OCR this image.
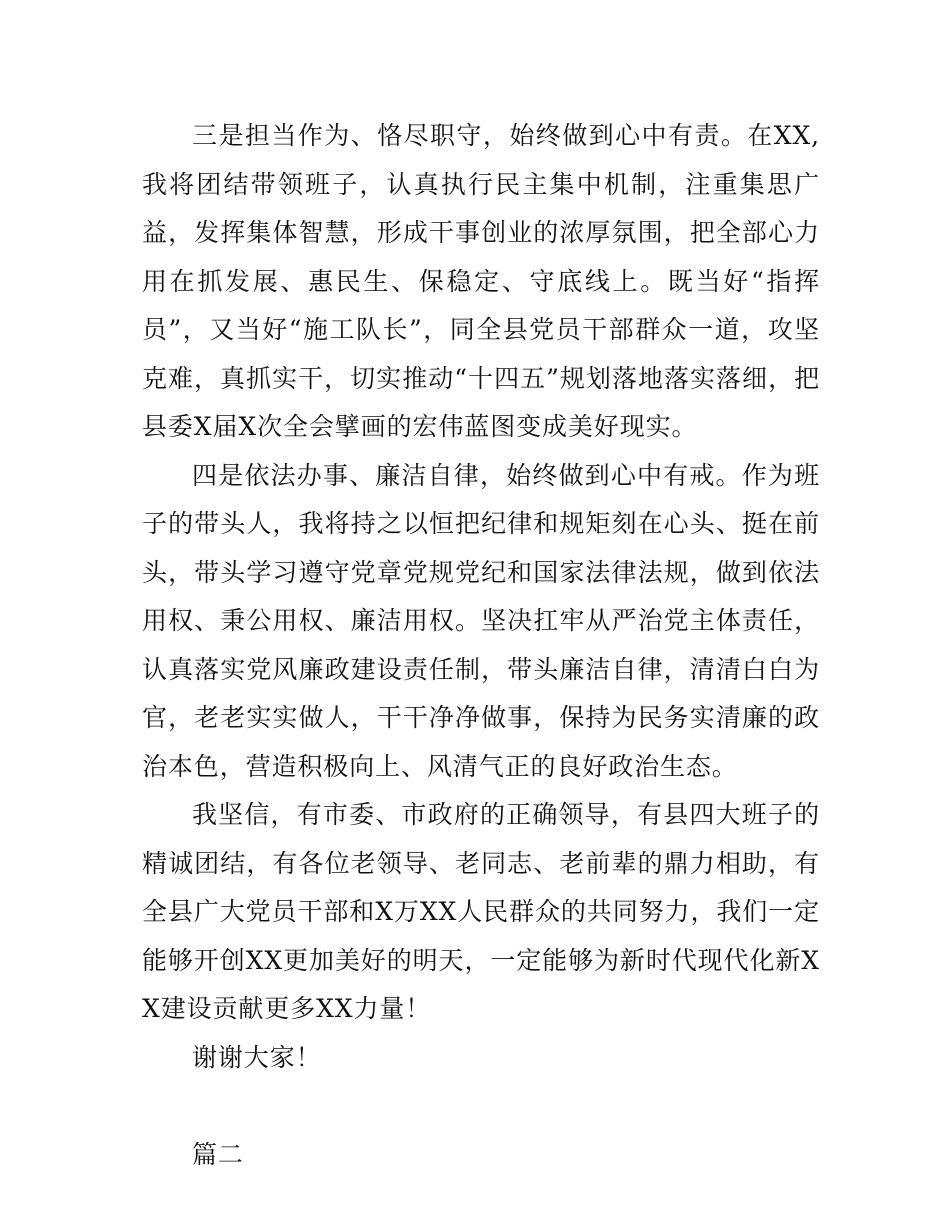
三是担当作为、恪尽职守，始终做到心中有责。在XX,我将团结带领班子，认真执行民主集中机制，注重集思广益，发挥集体智慧，形成干事创业的浓厚氛围，把全部心力用在抓发展、惠民生、保稳定、守底线上。既当好“指挥员”，又当好“施工队长”，同全县党员干部群众一道，攻坚克难，真抓实干，切实推动“十四五”规划落地落实落细，把县委X届X次全会擘画的宏伟蓝图变成美好现实。

四是依法办事、廉洁自律，始终做到心中有戒。作为班子的带头人，我将持之以恒把纪律和规矩刻在心头、挺在前头，带头学习遵守党章党规党纪和国家法律法规，做到依法用权、秉公用权、廉洁用权。坚决扛牢从严治党主体责任，认真落实党风廉政建设责任制，带头廉洁自律，清清白白为官，老老实实做人，干干净净做事，保持为民务实清廉的政治本色，营造积极向上、风清气正的良好政治生态。

我坚信，有市委、市政府的正确领导，有县四大班子的精诚团结，有各位老领导、老同志、老前辈的鼎力相助，有全县广大党员干部和X万XX人民群众的共同努力，我们一定能够开创XX更加美好的明天，一定能够为新时代现代化新XX建设贡献更多XX力量！

谢谢大家！

篇二
